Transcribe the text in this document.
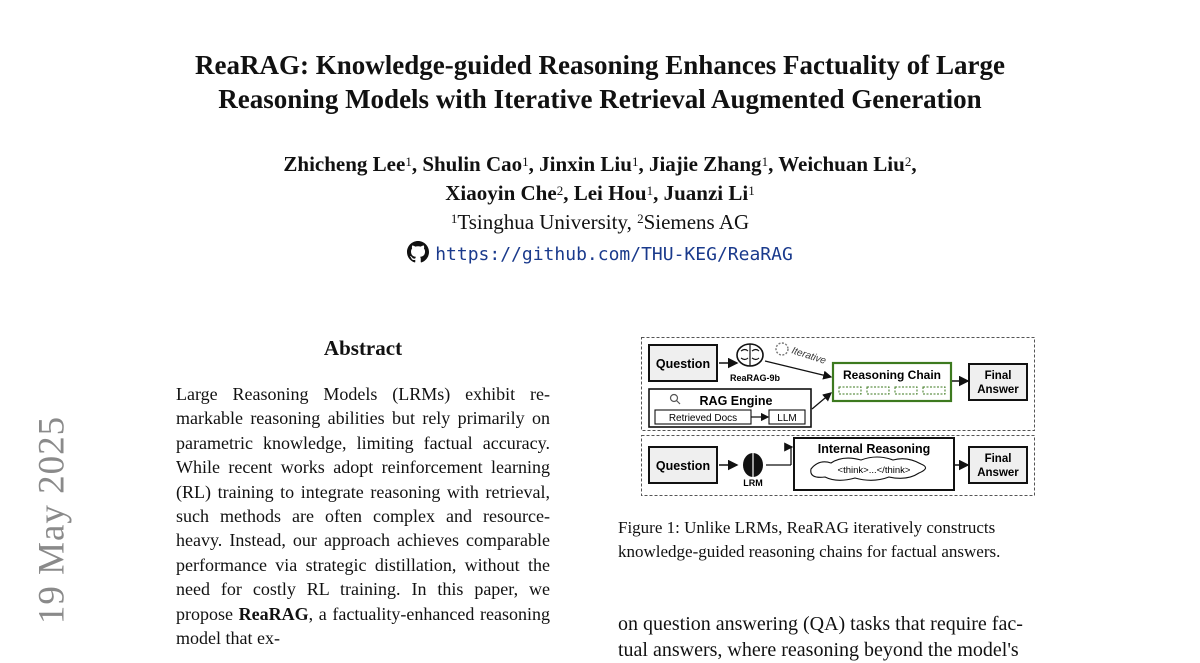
ReaRAG: Knowledge-guided Reasoning Enhances Factuality of Large
Reasoning Models with Iterative Retrieval Augmented Generation
Zhicheng Lee$^1$, Shulin Cao$^1$, Jinxin Liu$^1$, Jiajie Zhang$^1$, Weichuan Liu$^2$,
Xiaoyin Che$^2$, Lei Hou$^1$, Juanzi Li$^1$
$^1$Tsinghua University, $^2$Siemens AG
https://github.com/THU-KEG/ReaRAG
19 May 2025
Abstract

Large Reasoning Models (LRMs) exhibit remarkable reasoning abilities but rely primarily on parametric knowledge, limiting factual accuracy. While recent works adopt reinforcement learning (RL) training to integrate reasoning with retrieval, such methods are often complex and resource-heavy. Instead, our approach achieves comparable performance via strategic distillation, without the need for costly RL training. In this paper, we propose ReaRAG, a factuality-enhanced reasoning model that ex-

Question
ReaRAG-9b
Iterative
Reasoning Chain	Final
Answer
RAG Engine
Retrieved Docs	LLM
Question
LRM
Internal Reasoning
<think>...</think>
Final
Answer

Figure 1: Unlike LRMs, ReaRAG iteratively constructs knowledge-guided reasoning chains for factual answers.

on question answering (QA) tasks that require fac-tual answers, where reasoning beyond the model's
